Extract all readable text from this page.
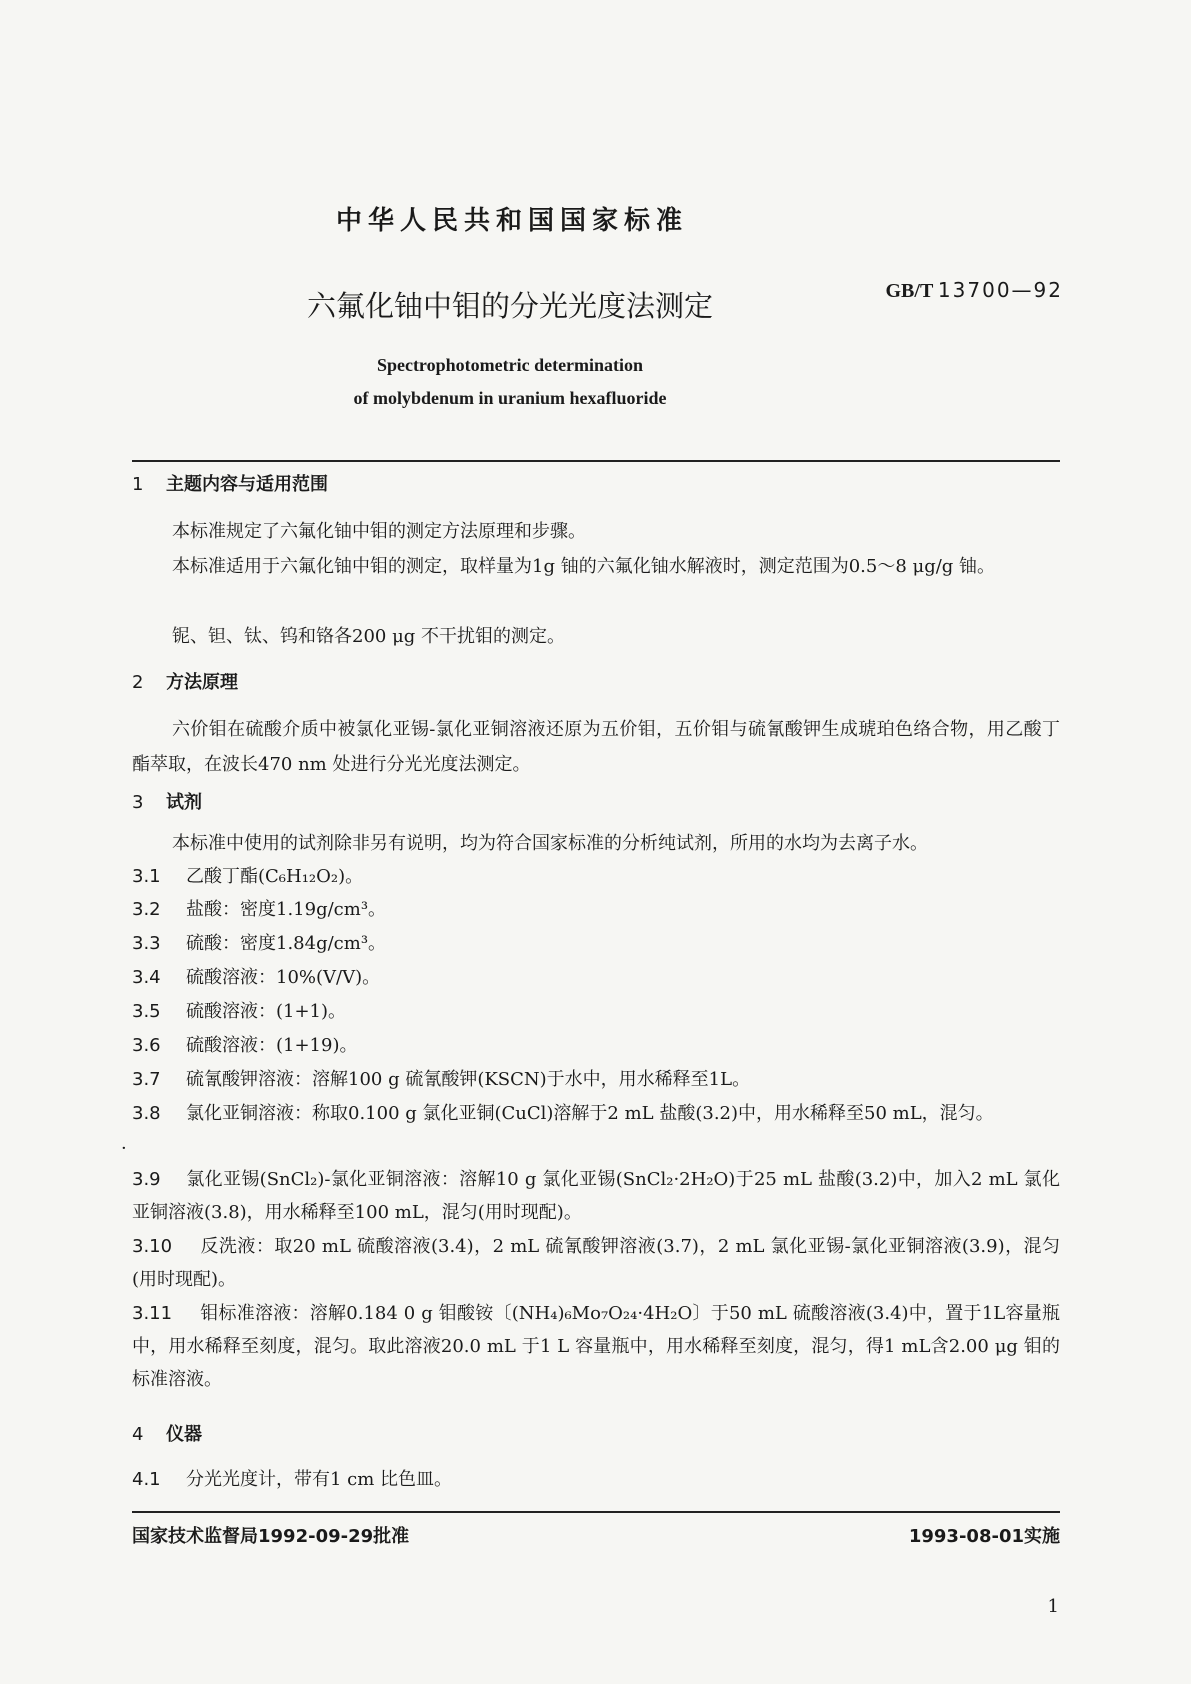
中华人民共和国国家标准
GB/T 13700—92
六氟化铀中钼的分光光度法测定
Spectrophotometric determination
of molybdenum in uranium hexafluoride
1 主题内容与适用范围
本标准规定了六氟化铀中钼的测定方法原理和步骤。
本标准适用于六氟化铀中钼的测定，取样量为1g 铀的六氟化铀水解液时，测定范围为0.5～8 μg/g 铀。
铌、钽、钛、钨和铬各200 μg 不干扰钼的测定。
2 方法原理
六价钼在硫酸介质中被氯化亚锡-氯化亚铜溶液还原为五价钼，五价钼与硫氰酸钾生成琥珀色络合物，用乙酸丁酯萃取，在波长470 nm 处进行分光光度法测定。
3 试剂
本标准中使用的试剂除非另有说明，均为符合国家标准的分析纯试剂，所用的水均为去离子水。
3.1 乙酸丁酯(C₆H₁₂O₂)。
3.2 盐酸：密度1.19g/cm³。
3.3 硫酸：密度1.84g/cm³。
3.4 硫酸溶液：10%(V/V)。
3.5 硫酸溶液：(1+1)。
3.6 硫酸溶液：(1+19)。
3.7 硫氰酸钾溶液：溶解100 g 硫氰酸钾(KSCN)于水中，用水稀释至1L。
·
3.8 氯化亚铜溶液：称取0.100 g 氯化亚铜(CuCl)溶解于2 mL 盐酸(3.2)中，用水稀释至50 mL，混匀。
3.9 氯化亚锡(SnCl₂)-氯化亚铜溶液：溶解10 g 氯化亚锡(SnCl₂·2H₂O)于25 mL 盐酸(3.2)中，加入2 mL 氯化亚铜溶液(3.8)，用水稀释至100 mL，混匀(用时现配)。
3.10 反洗液：取20 mL 硫酸溶液(3.4)，2 mL 硫氰酸钾溶液(3.7)，2 mL 氯化亚锡-氯化亚铜溶液(3.9)，混匀(用时现配)。
3.11 钼标准溶液：溶解0.184 0 g 钼酸铵〔(NH₄)₆Mo₇O₂₄·4H₂O〕于50 mL 硫酸溶液(3.4)中，置于1L容量瓶中，用水稀释至刻度，混匀。取此溶液20.0 mL 于1 L 容量瓶中，用水稀释至刻度，混匀，得1 mL含2.00 μg 钼的标准溶液。
4 仪器
4.1 分光光度计，带有1 cm 比色皿。
国家技术监督局1992-09-29批准	1993-08-01实施
1
